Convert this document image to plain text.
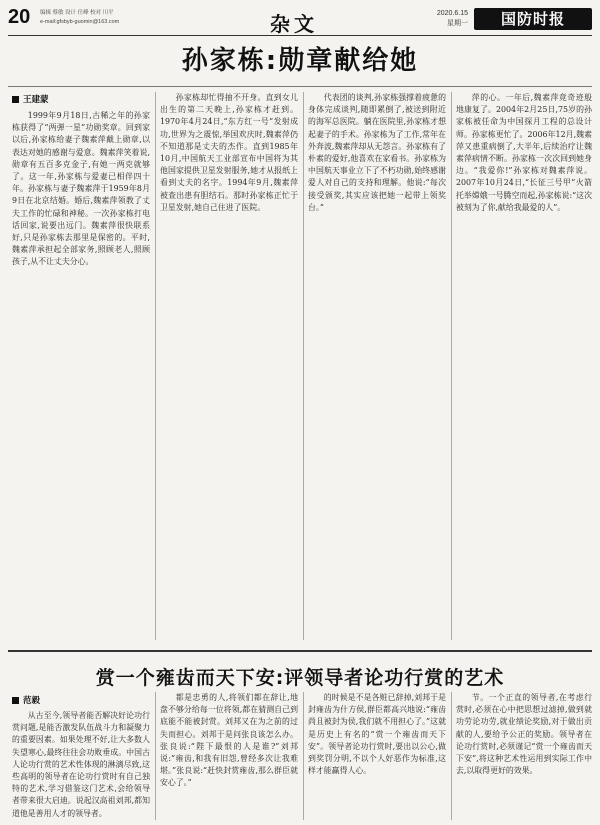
20 编辑 蔡敏 设计 任峰 校对 川平
e-mail:gfsbyb-guomin@163.com	杂文	2020.6.15
星期一	国防时报
孙家栋:勋章献给她
王建蒙

1999年9月18日,古稀之年的孙家栋获得了“两弹一星”功勋奖章。回到家以后,孙家栋给妻子魏素萍戴上勋章,以表达对她的感谢与爱意。魏素萍笑着说,勋章有五百多克金子,有她一两克就够了。这一年,孙家栋与爱妻已相伴四十年。孙家栋与妻子魏素萍于1959年8月9日在北京结婚。婚后,魏素萍领教了丈夫工作的忙碌和神秘。一次孙家栋打电话回家,说要出远门。魏素萍很快联系好,只是孙家栋去那里是保密的。平时,魏素萍承担起全部家务,照顾老人,照顾孩子,从不让丈夫分心。

孙家栋却忙得抽不开身。直到女儿出生的第二天晚上,孙家栋才赶到。1970年4月24日,“东方红一号”发射成功,世界为之震惊,举国欢庆时,魏素萍仍不知道那是丈夫的杰作。直到1985年10月,中国航天工业部宣布中国将为其他国家提供卫星发射服务,她才从报纸上看到丈夫的名字。1994年9月,魏素萍被查出患有胆结石。那时孙家栋正忙于卫星发射,她自己住进了医院。

代表团的谈判,孙家栋强撑着疲惫的身体完成谈判,随即累倒了,被送到附近的海军总医院。躺在医院里,孙家栋才想起妻子的手术。孙家栋为了工作,常年在外奔波,魏素萍却从无怨言。孙家栋有了朴素的爱好,他喜欢在家看书。孙家栋为中国航天事业立下了不朽功勋,始终感谢爱人对自己的支持和理解。他说:“每次接受颁奖,其实应该把她一起带上领奖台。”

萍的心。一年后,魏素萍竟奇迹般地康复了。2004年2月25日,75岁的孙家栋被任命为中国探月工程的总设计师。孙家栋更忙了。2006年12月,魏素萍又患重病倒了,大半年,后续治疗让魏素萍病情不断。孙家栋一次次回到她身边。“我爱你!”孙家栋对魏素萍说。2007年10月24日,“长征三号甲”火箭托举嫦娥一号腾空而起,孙家栋说:“这次被刻为了你,献给我最爱的人”。

赏一个雍齿而天下安:评领导者论功行赏的艺术
范毅

从古至今,领导者能否解决好论功行赏问题,是能否激发队伍战斗力和凝聚力的重要因素。如果处理不好,让大多数人失望寒心,最终往往会功败垂成。中国古人论功行赏的艺术性体现的淋漓尽致,这些高明的领导者在论功行赏时有自己独特的艺术,学习借鉴这门艺术,会给领导者带来很大启迪。说起汉高祖刘邦,都知道他是善用人才的领导者。

都是忠勇的人,将领们都在辞让,地盘不够分给每一位将领,都在猜测自己到底能不能被封赏。刘邦又在为之前的过失而担心。刘邦于是问张良该怎么办。张良说:“陛下最恨的人是谁?”刘邦说:“雍齿,和我有旧怨,曾经多次让我难堪。”张良说:“赶快封赏雍齿,那么群臣就安心了。”

的时候是不是各赃已辞掉,刘邦于是封雍齿为什方侯,群臣都高兴地说:“雍齿尚且被封为侯,我们就不用担心了。”这就是历史上有名的“赏一个雍齿而天下安”。领导者论功行赏时,要出以公心,做到奖罚分明,不以个人好恶作为标准,这样才能赢得人心。

节。一个正直的领导者,在考虑行赏时,必须在心中把思想过滤掉,做到就功劳论功劳,就业绩论奖励,对于做出贡献的人,要给予公正的奖励。领导者在论功行赏时,必须谨记“赏一个雍齿而天下安”,将这种艺术性运用到实际工作中去,以取得更好的效果。
